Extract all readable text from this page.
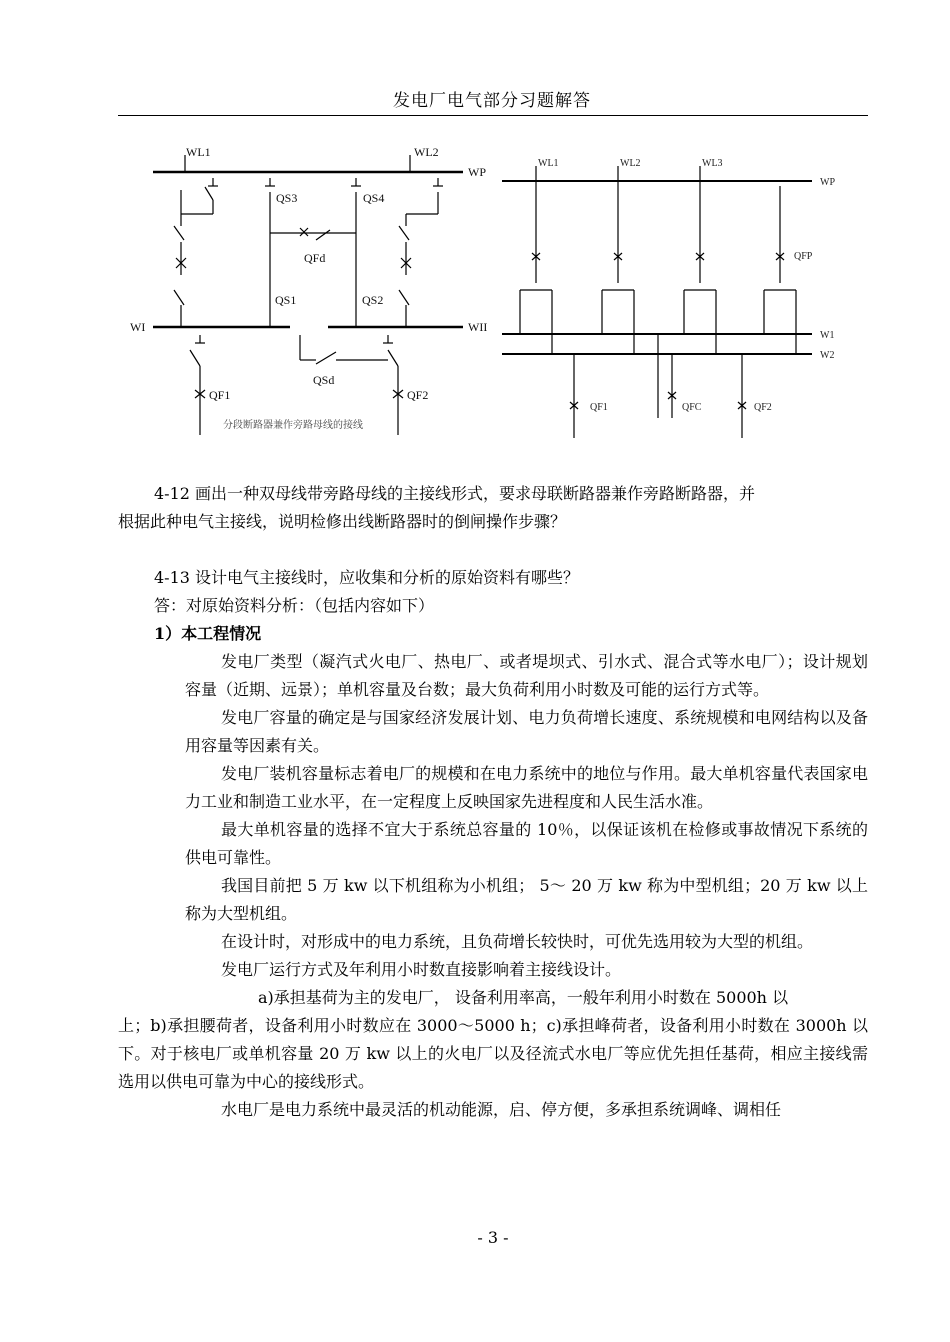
发电厂电气部分习题解答
WL1	WL2
WP
QS3	QS4
QFd
QS1	QS2
WI	WII
QSd
QF1	QF2
分段断路器兼作旁路母线的接线
WL1	WL2	WL3
WP
QFP
W1
W2
QF1	QFC	QF2

4-12 画出一种双母线带旁路母线的主接线形式，要求母联断路器兼作旁路断路器，并

根据此种电气主接线，说明检修出线断路器时的倒闸操作步骤？

4-13 设计电气主接线时，应收集和分析的原始资料有哪些？

答：对原始资料分析：（包括内容如下）

1）本工程情况

发电厂类型（凝汽式火电厂、热电厂、或者堤坝式、引水式、混合式等水电厂）；设计规划容量（近期、远景）；单机容量及台数；最大负荷利用小时数及可能的运行方式等。

发电厂容量的确定是与国家经济发展计划、电力负荷增长速度、系统规模和电网结构以及备用容量等因素有关。

发电厂装机容量标志着电厂的规模和在电力系统中的地位与作用。最大单机容量代表国家电力工业和制造工业水平，在一定程度上反映国家先进程度和人民生活水准。

最大单机容量的选择不宜大于系统总容量的 10％，以保证该机在检修或事故情况下系统的供电可靠性。

我国目前把 5 万 kw 以下机组称为小机组； 5～ 20 万 kw 称为中型机组；20 万 kw 以上称为大型机组。

在设计时，对形成中的电力系统，且负荷增长较快时，可优先选用较为大型的机组。

发电厂运行方式及年利用小时数直接影响着主接线设计。

a)承担基荷为主的发电厂， 设备利用率高，一般年利用小时数在 5000h 以

上；b)承担腰荷者，设备利用小时数应在 3000～5000 h；c)承担峰荷者，设备利用小时数在 3000h 以下。对于核电厂或单机容量 20 万 kw 以上的火电厂以及径流式水电厂等应优先担任基荷，相应主接线需选用以供电可靠为中心的接线形式。

水电厂是电力系统中最灵活的机动能源，启、停方便，多承担系统调峰、调相任

- 3 -
